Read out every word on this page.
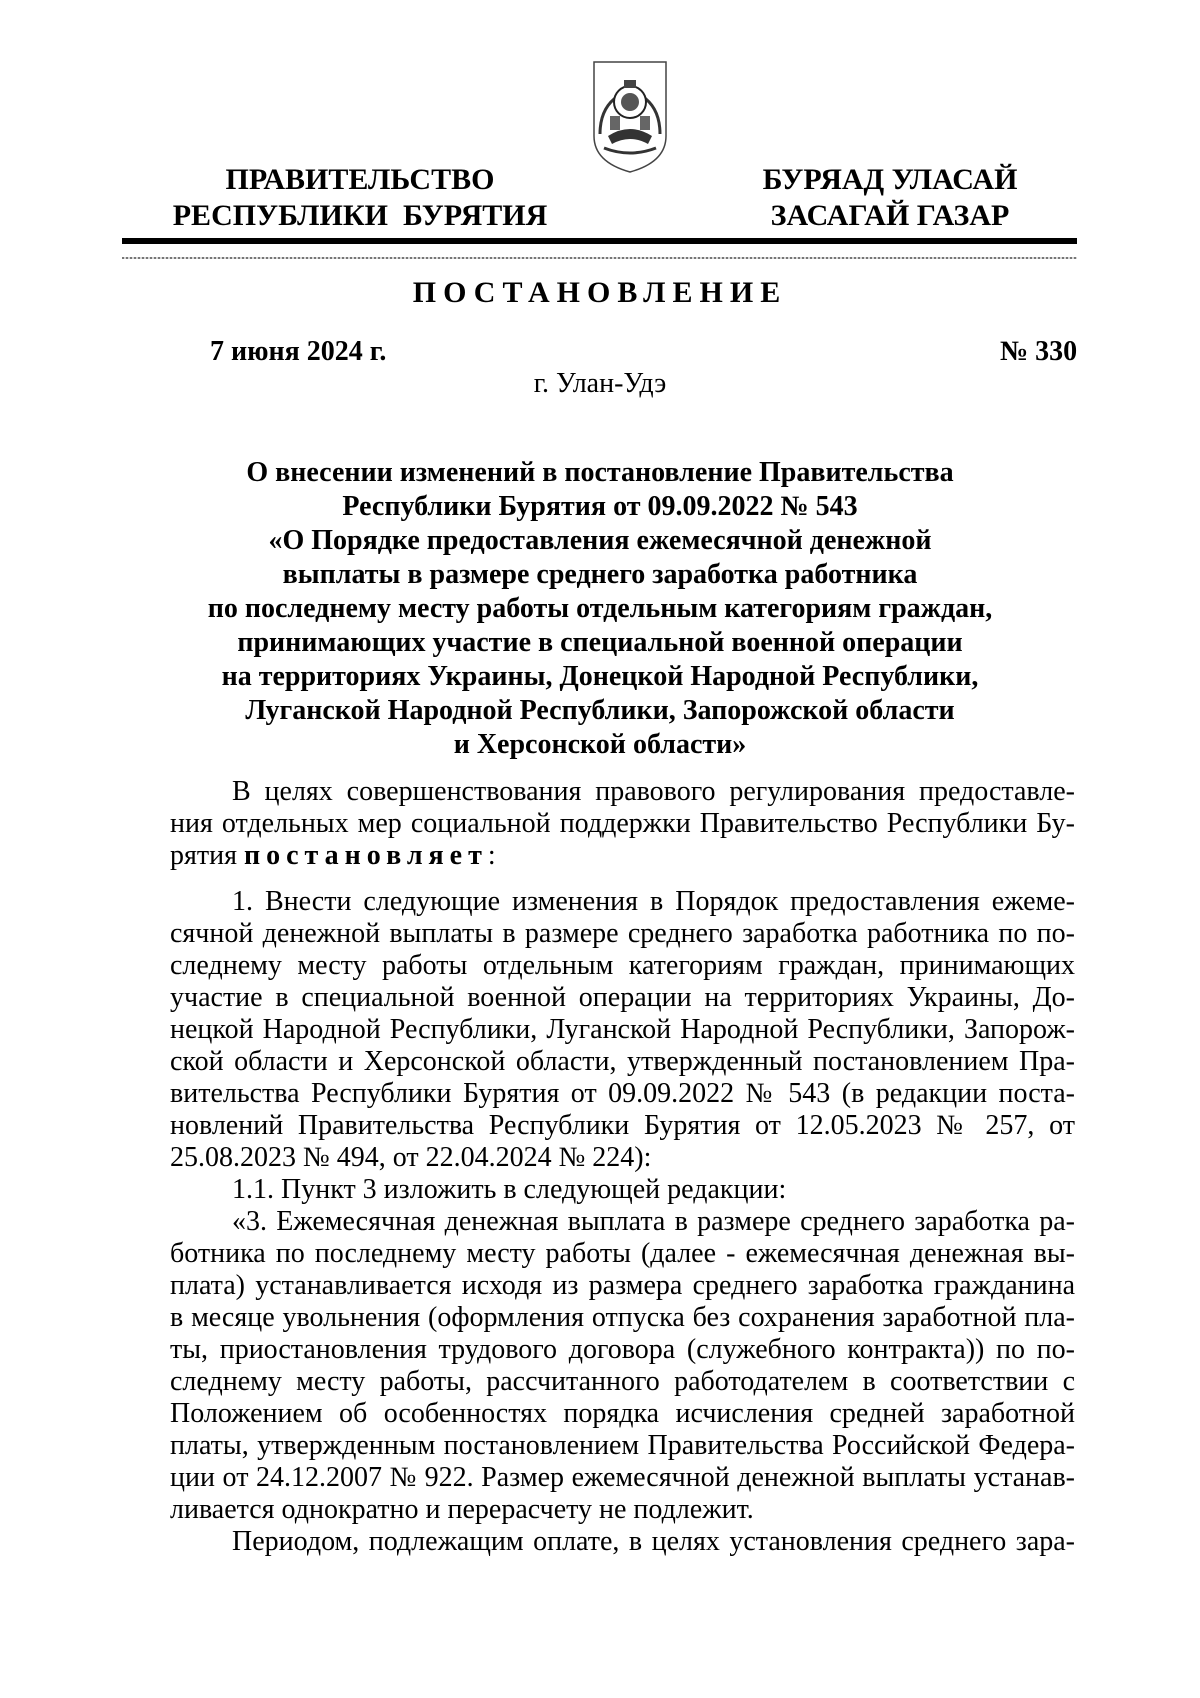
ПРАВИТЕЛЬСТВО
РЕСПУБЛИКИ  БУРЯТИЯ
БУРЯАД УЛАСАЙ
ЗАСАГАЙ ГАЗАР
ПОСТАНОВЛЕНИЕ
7 июня 2024 г.	№ 330
г. Улан-Удэ
О внесении изменений в постановление Правительства
Республики Бурятия от 09.09.2022 № 543
«О Порядке предоставления ежемесячной денежной
выплаты в размере среднего заработка работника
по последнему месту работы отдельным категориям граждан,
принимающих участие в специальной военной операции
на территориях Украины, Донецкой Народной Республики,
Луганской Народной Республики, Запорожской области
и Херсонской области»
В целях совершенствования правового регулирования предоставле-
ния отдельных мер социальной поддержки Правительство Республики Бу-
рятия постановляет:
1. Внести следующие изменения в Порядок предоставления ежеме-
сячной денежной выплаты в размере среднего заработка работника по по-
следнему месту работы отдельным категориям граждан, принимающих
участие в специальной военной операции на территориях Украины, До-
нецкой Народной Республики, Луганской Народной Республики, Запорож-
ской области и Херсонской области, утвержденный постановлением Пра-
вительства Республики Бурятия от 09.09.2022 № 543 (в редакции поста-
новлений Правительства Республики Бурятия от 12.05.2023 № 257, от
25.08.2023 № 494, от 22.04.2024 № 224):
1.1. Пункт 3 изложить в следующей редакции:
«3. Ежемесячная денежная выплата в размере среднего заработка ра-
ботника по последнему месту работы (далее - ежемесячная денежная вы-
плата) устанавливается исходя из размера среднего заработка гражданина
в месяце увольнения (оформления отпуска без сохранения заработной пла-
ты, приостановления трудового договора (служебного контракта)) по по-
следнему месту работы, рассчитанного работодателем в соответствии с
Положением об особенностях порядка исчисления средней заработной
платы, утвержденным постановлением Правительства Российской Федера-
ции от 24.12.2007 № 922. Размер ежемесячной денежной выплаты устанав-
ливается однократно и перерасчету не подлежит.
Периодом, подлежащим оплате, в целях установления среднего зара-
